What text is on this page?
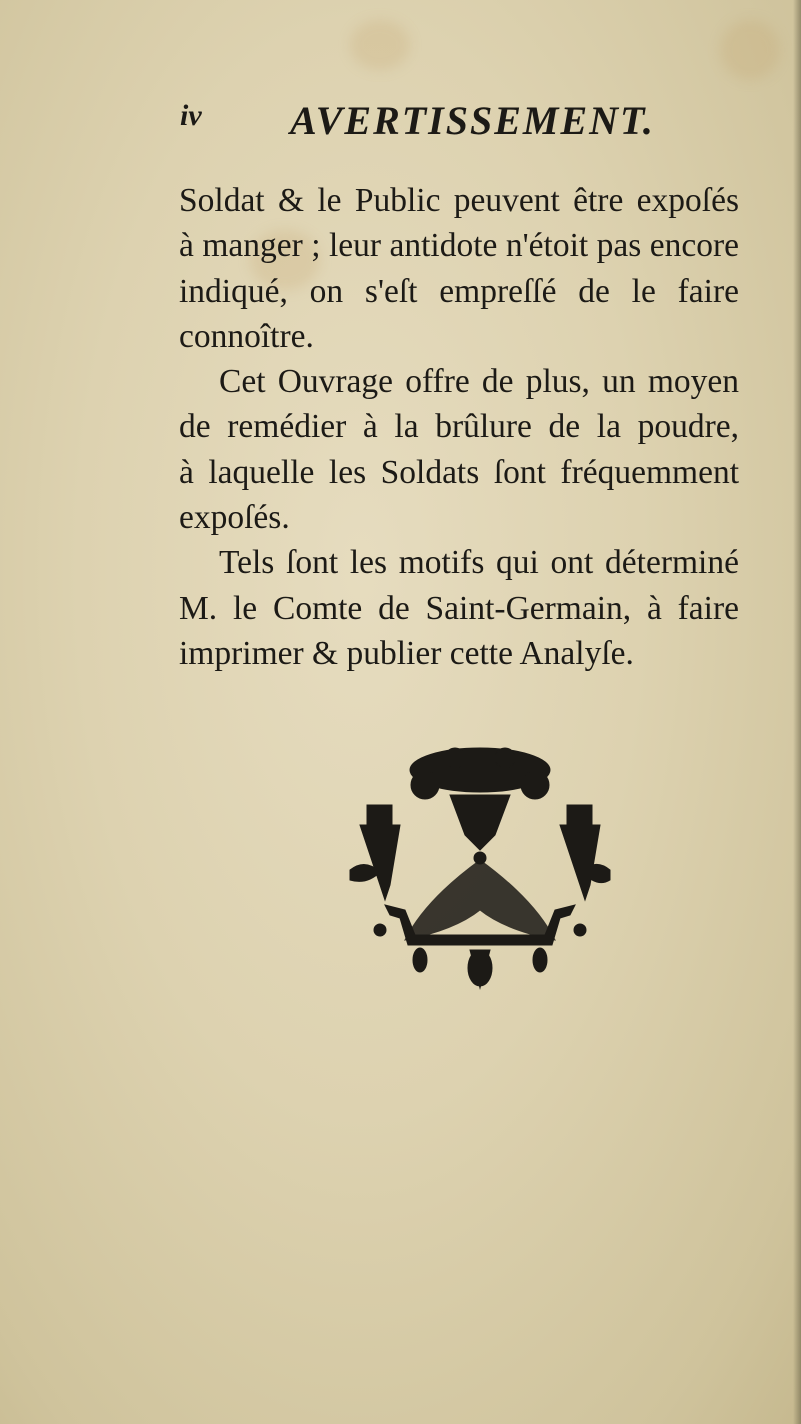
iv AVERTISSEMENT.
Soldat & le Public peuvent être expoſés
à manger ; leur antidote n'étoit pas encore
indiqué, on s'eſt empreſſé de le faire
connoître.
Cet Ouvrage offre de plus, un moyen
de remédier à la brûlure de la poudre,
à laquelle les Soldats ſont fréquemment
expoſés.
Tels ſont les motifs qui ont déterminé
M. le Comte de Saint-Germain, à faire
imprimer & publier cette Analyſe.
